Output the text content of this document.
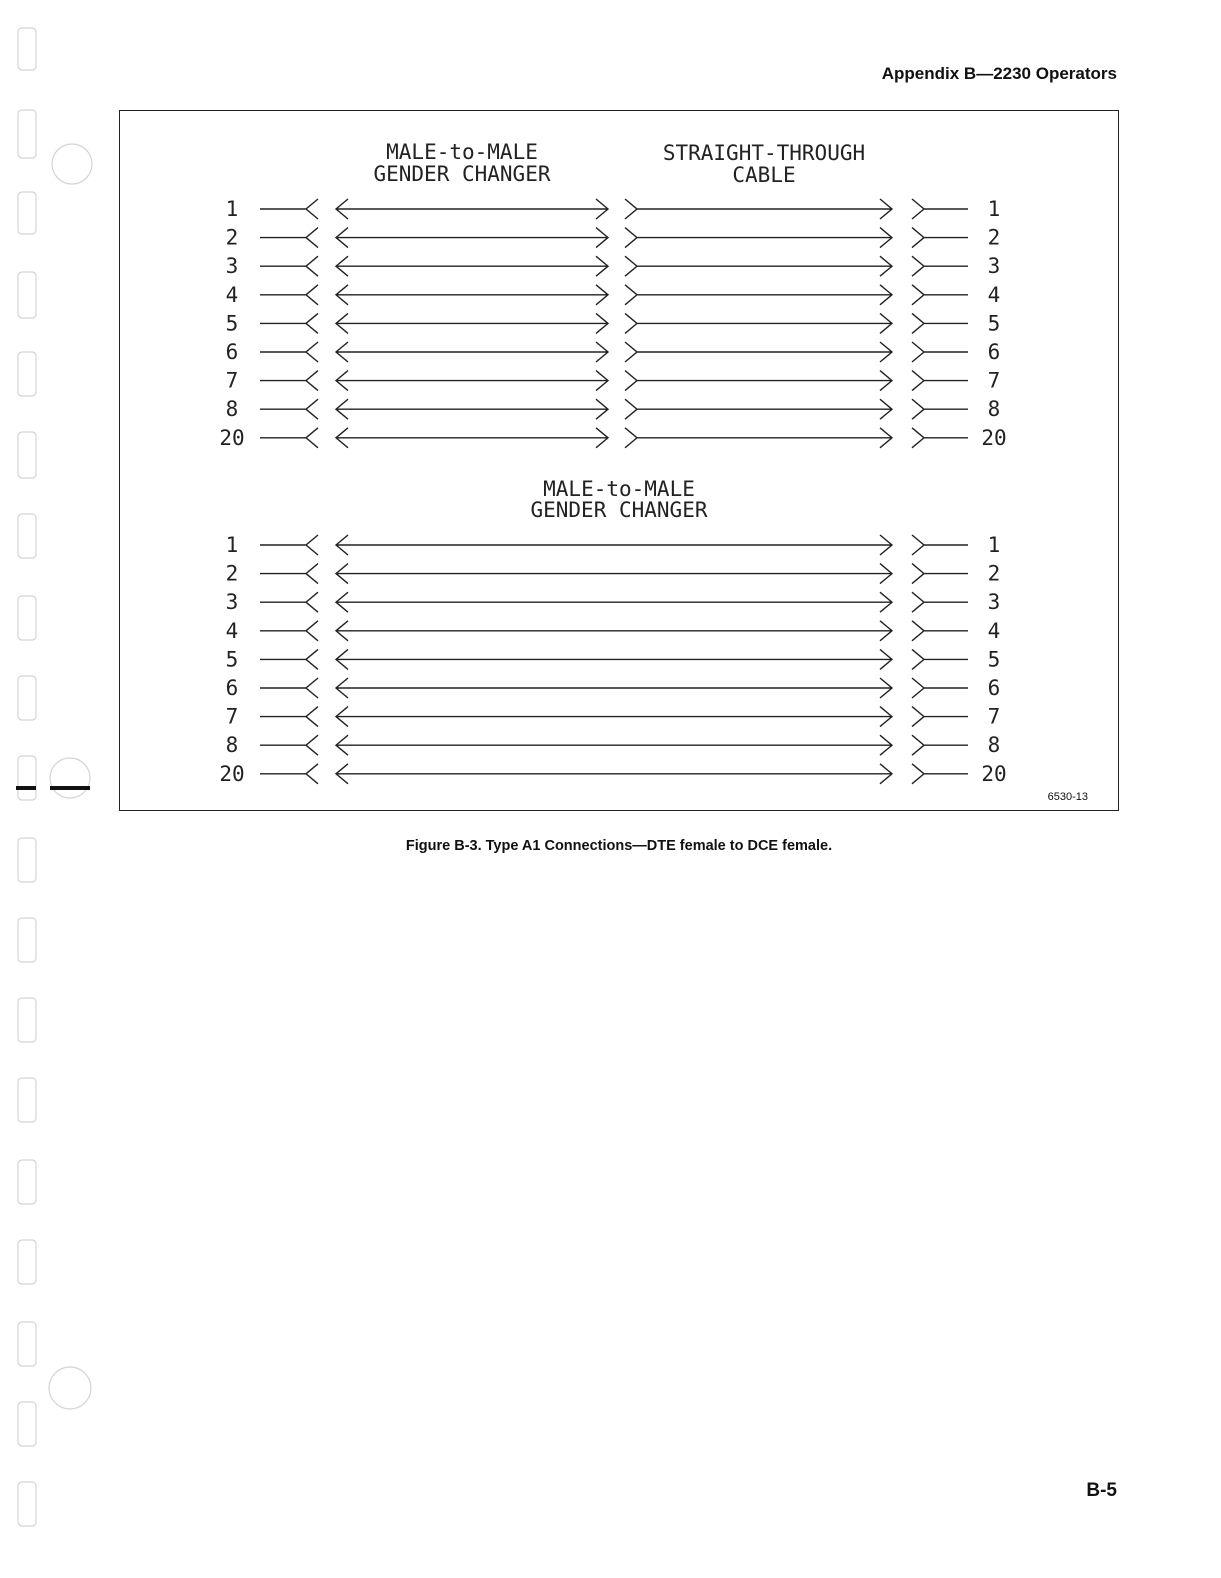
Appendix B—2230 Operators
MALE-to-MALE
GENDER CHANGER
STRAIGHT-THROUGH
CABLE
MALE-to-MALE
GENDER CHANGER
1	1
2	2
3	3
4	4
5	5
6	6
7	7
8	8
20	20
1	1
2	2
3	3
4	4
5	5
6	6
7	7
8	8
20	20
6530-13
Figure B-3. Type A1 Connections—DTE female to DCE female.
B-5
